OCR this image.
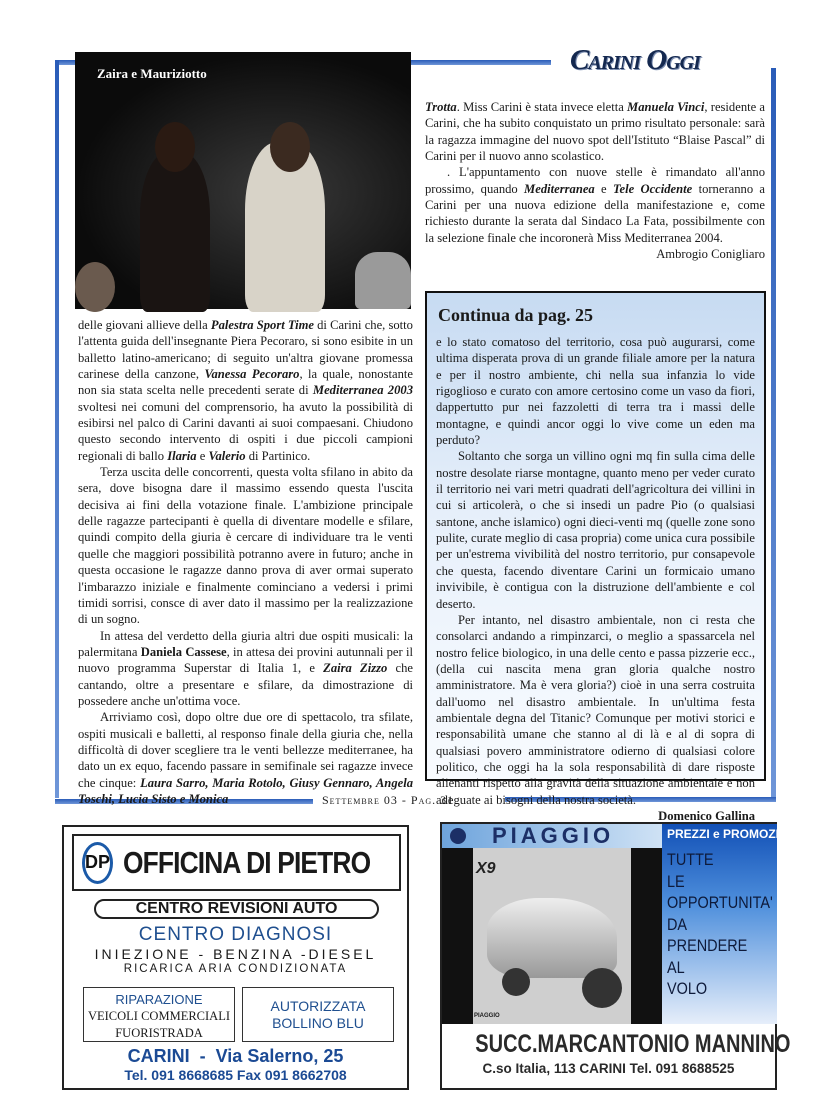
Carini Oggi
Zaira e Mauriziotto

delle giovani allieve della Palestra Sport Time di Carini che, sotto l'attenta guida dell'insegnante Piera Pecoraro, si sono esibite in un balletto latino-americano; di seguito un'altra giovane promessa carinese della canzone, Vanessa Pecoraro, la quale, nonostante non sia stata scelta nelle precedenti serate di Mediterranea 2003 svoltesi nei comuni del comprensorio, ha avuto la possibilità di esibirsi nel palco di Carini davanti ai suoi compaesani. Chiudono questo secondo intervento di ospiti i due piccoli campioni regionali di ballo Ilaria e Valerio di Partinico.

Terza uscita delle concorrenti, questa volta sfilano in abito da sera, dove bisogna dare il massimo essendo questa l'uscita decisiva ai fini della votazione finale. L'ambizione principale delle ragazze partecipanti è quella di diventare modelle e sfilare, quindi compito della giuria è cercare di individuare tra le venti quelle che maggiori possibilità potranno avere in futuro; anche in questa occasione le ragazze danno prova di aver ormai superato l'imbarazzo iniziale e finalmente cominciano a vedersi i primi timidi sorrisi, consce di aver dato il massimo per la realizzazione di un sogno.

In attesa del verdetto della giuria altri due ospiti musicali: la palermitana Daniela Cassese, in attesa dei provini autunnali per il nuovo programma Superstar di Italia 1, e Zaira Zizzo che cantando, oltre a presentare e sfilare, da dimostrazione di possedere anche un'ottima voce.

Arriviamo così, dopo oltre due ore di spettacolo, tra sfilate, ospiti musicali e balletti, al responso finale della giuria che, nella difficoltà di dover scegliere tra le venti bellezze mediterranee, ha dato un ex equo, facendo passare in semifinale sei ragazze invece che cinque: Laura Sarro, Maria Rotolo, Giusy Gennaro, Angela Toschi, Lucia Sisto e Monica

Trotta. Miss Carini è stata invece eletta Manuela Vinci, residente a Carini, che ha subito conquistato un primo risultato personale: sarà la ragazza immagine del nuovo spot dell'Istituto “Blaise Pascal” di Carini per il nuovo anno scolastico.

. L'appuntamento con nuove stelle è rimandato all'anno prossimo, quando Mediterranea e Tele Occidente torneranno a Carini per una nuova edizione della manifestazione e, come richiesto durante la serata dal Sindaco La Fata, possibilmente con la selezione finale che incoronerà Miss Mediterranea 2004.

Ambrogio Conigliaro

Continua da pag. 25

e lo stato comatoso del territorio, cosa può augurarsi, come ultima disperata prova di un grande filiale amore per la natura e per il nostro ambiente, chi nella sua infanzia lo vide rigoglioso e curato con amore certosino come un vaso da fiori, dappertutto pur nei fazzoletti di terra tra i massi delle montagne, e quindi ancor oggi lo vive come un eden ma perduto?

Soltanto che sorga un villino ogni mq fin sulla cima delle nostre desolate riarse montagne, quanto meno per veder curato il territorio nei vari metri quadrati dell'agricoltura dei villini in cui si articolerà, o che si insedi un padre Pio (o qualsiasi santone, anche islamico) ogni dieci-venti mq (quelle zone sono pulite, curate meglio di casa propria) come unica cura possibile per un'estrema vivibilità del nostro territorio, pur consapevole che questa, facendo diventare Carini un formicaio umano invivibile, è contigua con la distruzione dell'ambiente e col deserto.

Per intanto, nel disastro ambientale, non ci resta che consolarci andando a rimpinzarci, o meglio a spassarcela nel nostro felice biologico, in una delle cento e passa pizzerie ecc., (della cui nascita mena gran gloria qualche nostro amministratore. Ma è vera gloria?) cioè in una serra costruita dall'uomo nel disastro ambientale. In un'ultima festa ambientale degna del Titanic? Comunque per motivi storici e responsabilità umane che stanno al di là e al di sopra di qualsiasi povero amministratore odierno di qualsiasi colore politico, che oggi ha la sola responsabilità di dare risposte alienanti rispetto alla gravità della situazione ambientale e non adeguate ai bisogni della nostra società.

Domenico Gallina

Settembre 03 - Pag. 31
DP OFFICINA DI PIETRO
CENTRO REVISIONI AUTO
CENTRO DIAGNOSI
INIEZIONE - BENZINA -DIESEL
RICARICA ARIA CONDIZIONATA
RIPARAZIONE
VEICOLI COMMERCIALI
FUORISTRADA
AUTORIZZATA
BOLLINO BLU
CARINI  -  Via Salerno, 25
Tel. 091 8668685 Fax 091 8662708
PIAGGIO
X9
PIAGGIO
PREZZI e PROMOZIONI
TUTTE
LE
OPPORTUNITA'
DA
PRENDERE
AL
VOLO
SUCC.MARCANTONIO MANNINO
C.so Italia, 113 CARINI Tel. 091 8688525
